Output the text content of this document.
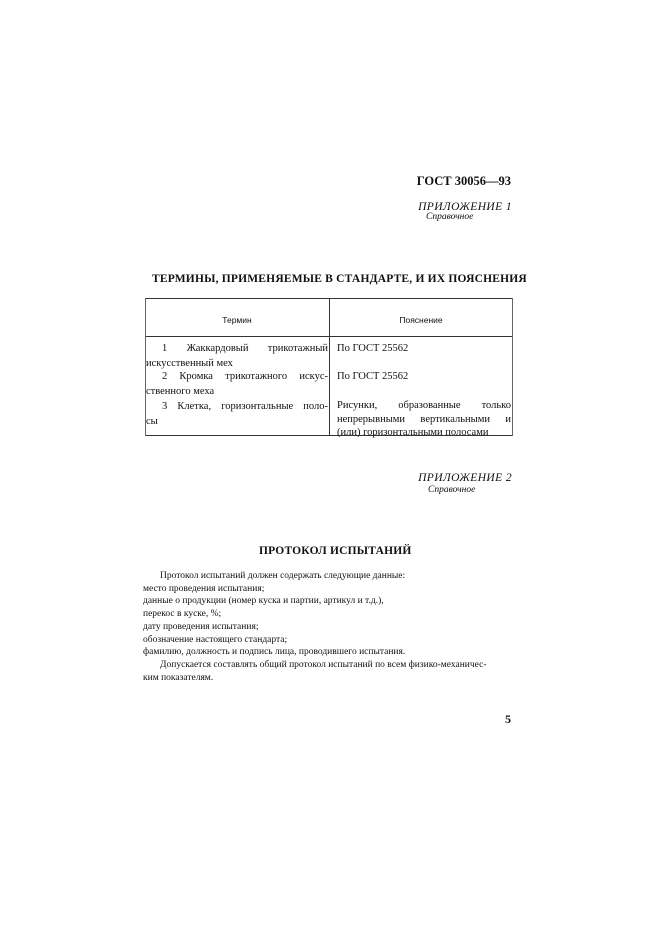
ГОСТ 30056—93
ПРИЛОЖЕНИЕ 1
Справочное
ТЕРМИНЫ, ПРИМЕНЯЕМЫЕ В СТАНДАРТЕ, И ИХ ПОЯСНЕНИЯ
Термин	Пояснение
1 Жаккардовый трикотажный
искусственный мех
По ГОСТ 25562
2 Кромка трикотажного искус-
ственного меха
По ГОСТ 25562
3 Клетка, горизонтальные поло-
сы
Рисунки, образованные только
непрерывными вертикальными и
(или) горизонтальными полосами
ПРИЛОЖЕНИЕ 2
Справочное
ПРОТОКОЛ ИСПЫТАНИЙ
Протокол испытаний должен содержать следующие данные:
место проведения испытания;
данные о продукции (номер куска и партии, артикул и т.д.),
перекос в куске, %;
дату проведения испытания;
обозначение настоящего стандарта;
фамилию, должность и подпись лица, проводившего испытания.
Допускается составлять общий протокол испытаний по всем физико-механичес-
ким показателям.
5
